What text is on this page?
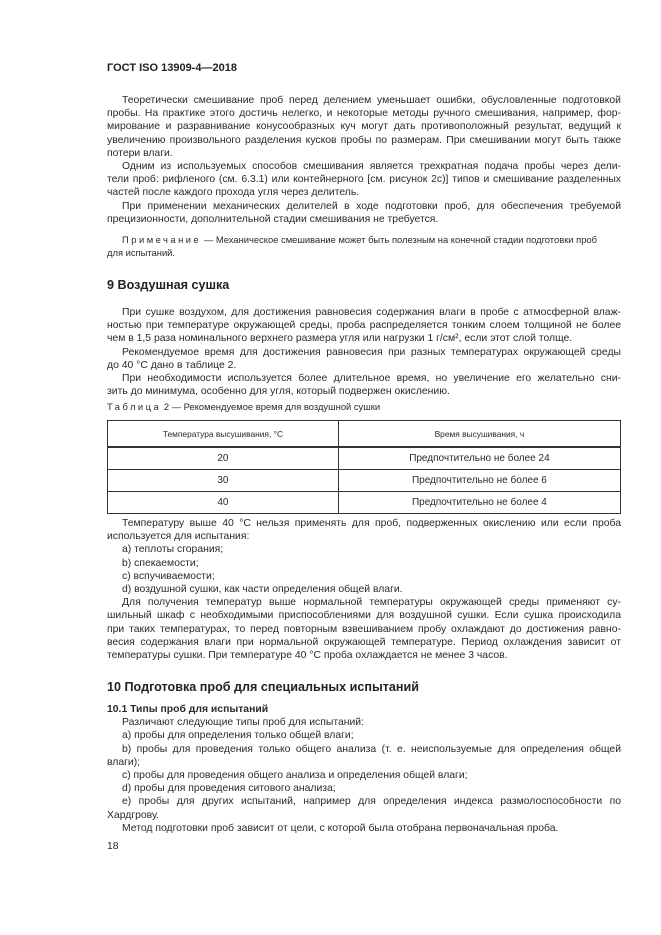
ГОСТ ISO 13909-4—2018
Теоретически смешивание проб перед делением уменьшает ошибки, обусловленные подготовкой
пробы. На практике этого достичь нелегко, и некоторые методы ручного смешивания, например, фор-
мирование и разравнивание конусообразных куч могут дать противоположный результат, ведущий к
увеличению произвольного разделения кусков пробы по размерам. При смешивании могут быть также
потери влаги.
Одним из используемых способов смешивания является трехкратная подача пробы через дели-
тели проб: рифленого (см. 6.3.1) или контейнерного [см. рисунок 2с)] типов и смешивание разделенных
частей после каждого прохода угля через делитель.
При применении механических делителей в ходе подготовки проб, для обеспечения требуемой
прецизионности, дополнительной стадии смешивания не требуется.
Примечание — Механическое смешивание может быть полезным на конечной стадии подготовки проб
для испытаний.
9 Воздушная сушка
При сушке воздухом, для достижения равновесия содержания влаги в пробе с атмосферной влаж-
ностью при температуре окружающей среды, проба распределяется тонким слоем толщиной не более
чем в 1,5 раза номинального верхнего размера угля или нагрузки 1 г/см², если этот слой толще.
Рекомендуемое время для достижения равновесия при разных температурах окружающей среды
до 40 °С дано в таблице 2.
При необходимости используется более длительное время, но увеличение его желательно сни-
зить до минимума, особенно для угля, который подвержен окислению.
Таблица 2 — Рекомендуемое время для воздушной сушки
Температура высушивания, °С	Время высушивания, ч
20	Предпочтительно не более 24
30	Предпочтительно не более 6
40	Предпочтительно не более 4
Температуру выше 40 °С нельзя применять для проб, подверженных окислению или если проба
используется для испытания:
a) теплоты сгорания;
b) спекаемости;
c) вспучиваемости;
d) воздушной сушки, как части определения общей влаги.
Для получения температур выше нормальной температуры окружающей среды применяют су-
шильный шкаф с необходимыми приспособлениями для воздушной сушки. Если сушка происходила
при таких температурах, то перед повторным взвешиванием пробу охлаждают до достижения равно-
весия содержания влаги при нормальной окружающей температуре. Период охлаждения зависит от
температуры сушки. При температуре 40 °С проба охлаждается не менее 3 часов.
10 Подготовка проб для специальных испытаний
10.1 Типы проб для испытаний
Различают следующие типы проб для испытаний:
a) пробы для определения только общей влаги;
b) пробы для проведения только общего анализа (т. е. неиспользуемые для определения общей
влаги);
c) пробы для проведения общего анализа и определения общей влаги;
d) пробы для проведения ситового анализа;
e) пробы для других испытаний, например для определения индекса размолоспособности по
Хардгрову.
Метод подготовки проб зависит от цели, с которой была отобрана первоначальная проба.
18
